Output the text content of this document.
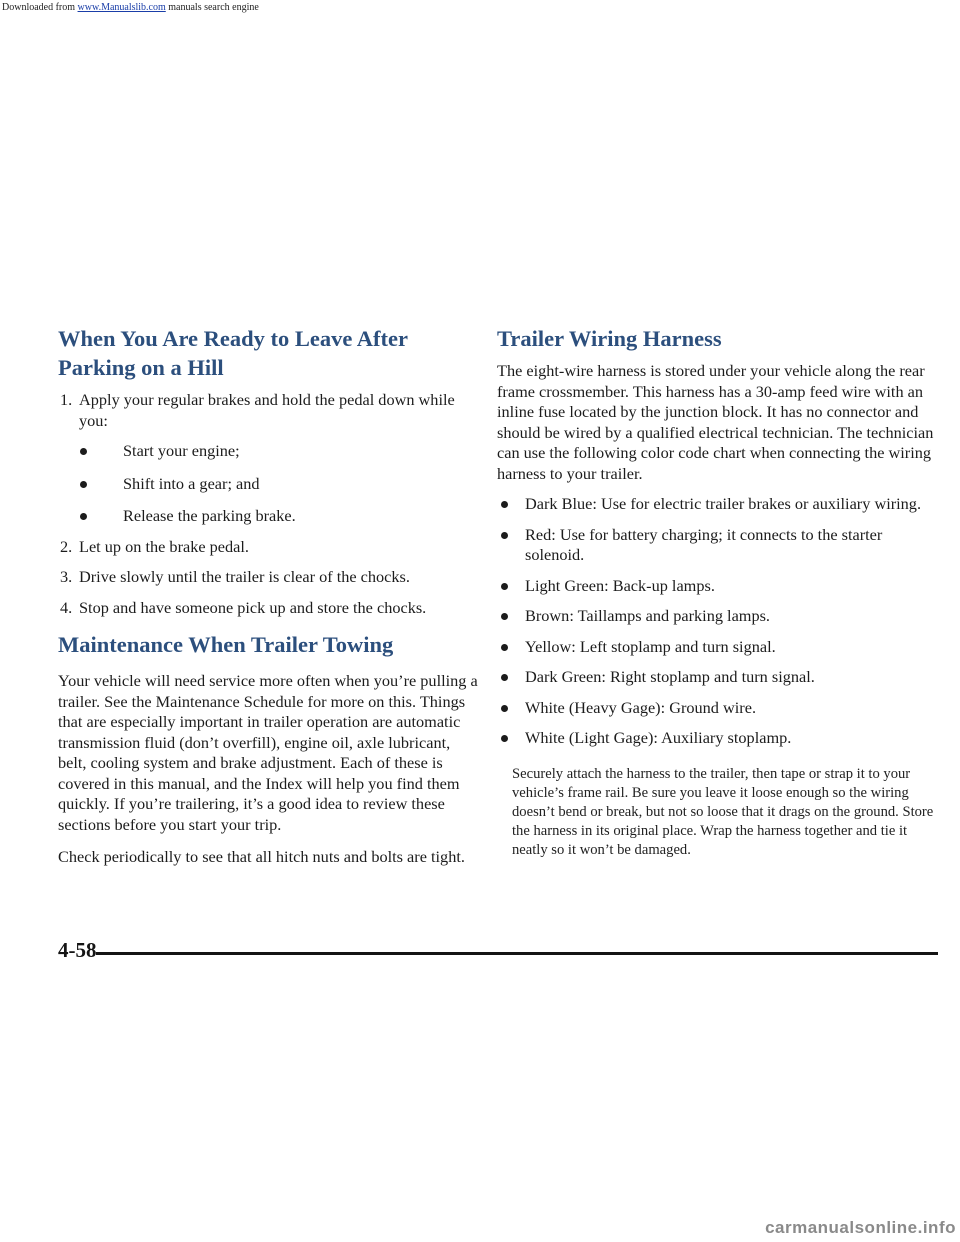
Downloaded from www.Manualslib.com manuals search engine
When You Are Ready to Leave After Parking on a Hill
1. Apply your regular brakes and hold the pedal down while you:
Start your engine;
Shift into a gear; and
Release the parking brake.
2. Let up on the brake pedal.
3. Drive slowly until the trailer is clear of the chocks.
4. Stop and have someone pick up and store the chocks.
Maintenance When Trailer Towing

Your vehicle will need service more often when you’re pulling a trailer. See the Maintenance Schedule for more on this. Things that are especially important in trailer operation are automatic transmission fluid (don’t overfill), engine oil, axle lubricant, belt, cooling system and brake adjustment. Each of these is covered in this manual, and the Index will help you find them quickly. If you’re trailering, it’s a good idea to review these sections before you start your trip.

Check periodically to see that all hitch nuts and bolts are tight.

Trailer Wiring Harness

The eight-wire harness is stored under your vehicle along the rear frame crossmember. This harness has a 30-amp feed wire with an inline fuse located by the junction block. It has no connector and should be wired by a qualified electrical technician. The technician can use the following color code chart when connecting the wiring harness to your trailer.

Dark Blue: Use for electric trailer brakes or auxiliary wiring.
Red: Use for battery charging; it connects to the starter solenoid.
Light Green: Back-up lamps.
Brown: Taillamps and parking lamps.
Yellow: Left stoplamp and turn signal.
Dark Green: Right stoplamp and turn signal.
White (Heavy Gage): Ground wire.
White (Light Gage): Auxiliary stoplamp.

Securely attach the harness to the trailer, then tape or strap it to your vehicle’s frame rail. Be sure you leave it loose enough so the wiring doesn’t bend or break, but not so loose that it drags on the ground. Store the harness in its original place. Wrap the harness together and tie it neatly so it won’t be damaged.

4-58
carmanualsonline.info
